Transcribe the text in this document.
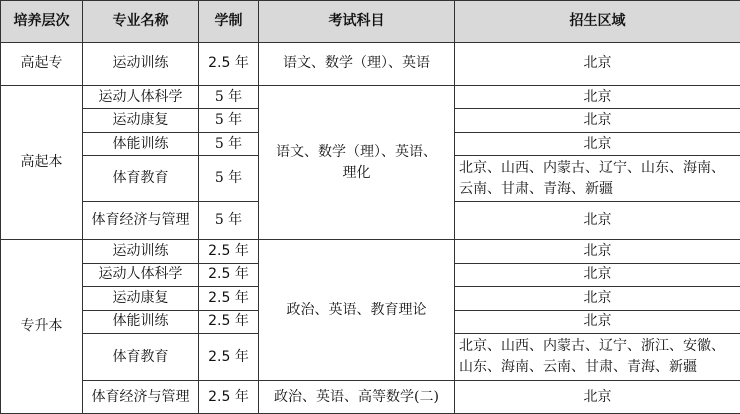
培养层次	专业名称	学制	考试科目	招生区域
高起专	运动训练	2.5 年	语文、数学（理）、英语	北京
高起本	运动人体科学	5 年	语文、数学（理）、英语、理化	北京
	运动康复	5 年		北京
	体能训练	5 年		北京
	体育教育	5 年		北京、山西、内蒙古、辽宁、山东、海南、云南、甘肃、青海、新疆
	体育经济与管理	5 年		北京
专升本	运动训练	2.5 年	政治、英语、教育理论	北京
	运动人体科学	2.5 年		北京
	运动康复	2.5 年		北京
	体能训练	2.5 年		北京
	体育教育	2.5 年		北京、山西、内蒙古、辽宁、浙江、安徽、山东、海南、云南、甘肃、青海、新疆
	体育经济与管理	2.5 年	政治、英语、高等数学(二)	北京
